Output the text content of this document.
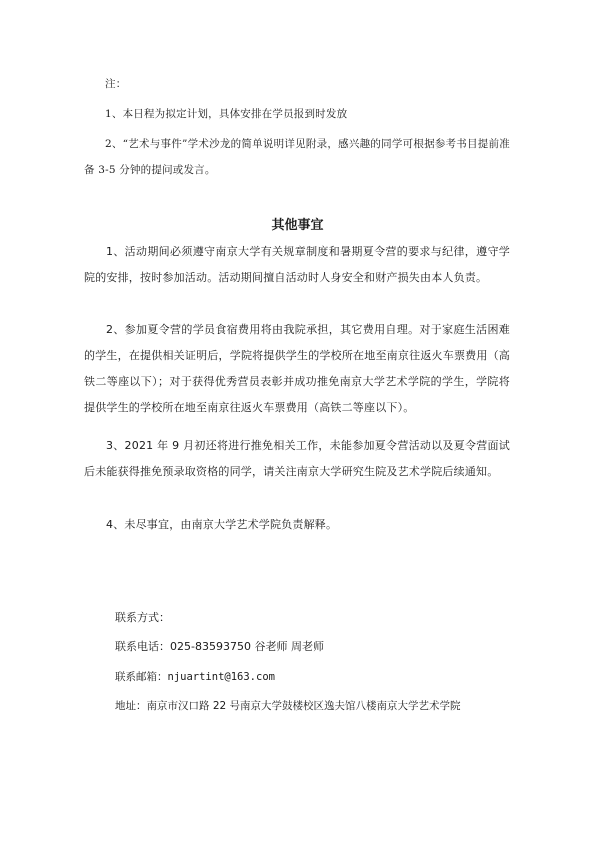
注：

1、本日程为拟定计划，具体安排在学员报到时发放

2、“艺术与事件”学术沙龙的简单说明详见附录，感兴趣的同学可根据参考书目提前准备 3-5 分钟的提问或发言。

其他事宜

1、活动期间必须遵守南京大学有关规章制度和暑期夏令营的要求与纪律，遵守学院的安排，按时参加活动。活动期间擅自活动时人身安全和财产损失由本人负责。

2、参加夏令营的学员食宿费用将由我院承担，其它费用自理。对于家庭生活困难的学生，在提供相关证明后，学院将提供学生的学校所在地至南京往返火车票费用（高铁二等座以下）；对于获得优秀营员表彰并成功推免南京大学艺术学院的学生，学院将提供学生的学校所在地至南京往返火车票费用（高铁二等座以下）。

3、2021 年 9 月初还将进行推免相关工作，未能参加夏令营活动以及夏令营面试后未能获得推免预录取资格的同学，请关注南京大学研究生院及艺术学院后续通知。

4、未尽事宜，由南京大学艺术学院负责解释。

联系方式：

联系电话：025-83593750 谷老师 周老师

联系邮箱：njuartint@163.com

地址：南京市汉口路 22 号南京大学鼓楼校区逸夫馆八楼南京大学艺术学院
